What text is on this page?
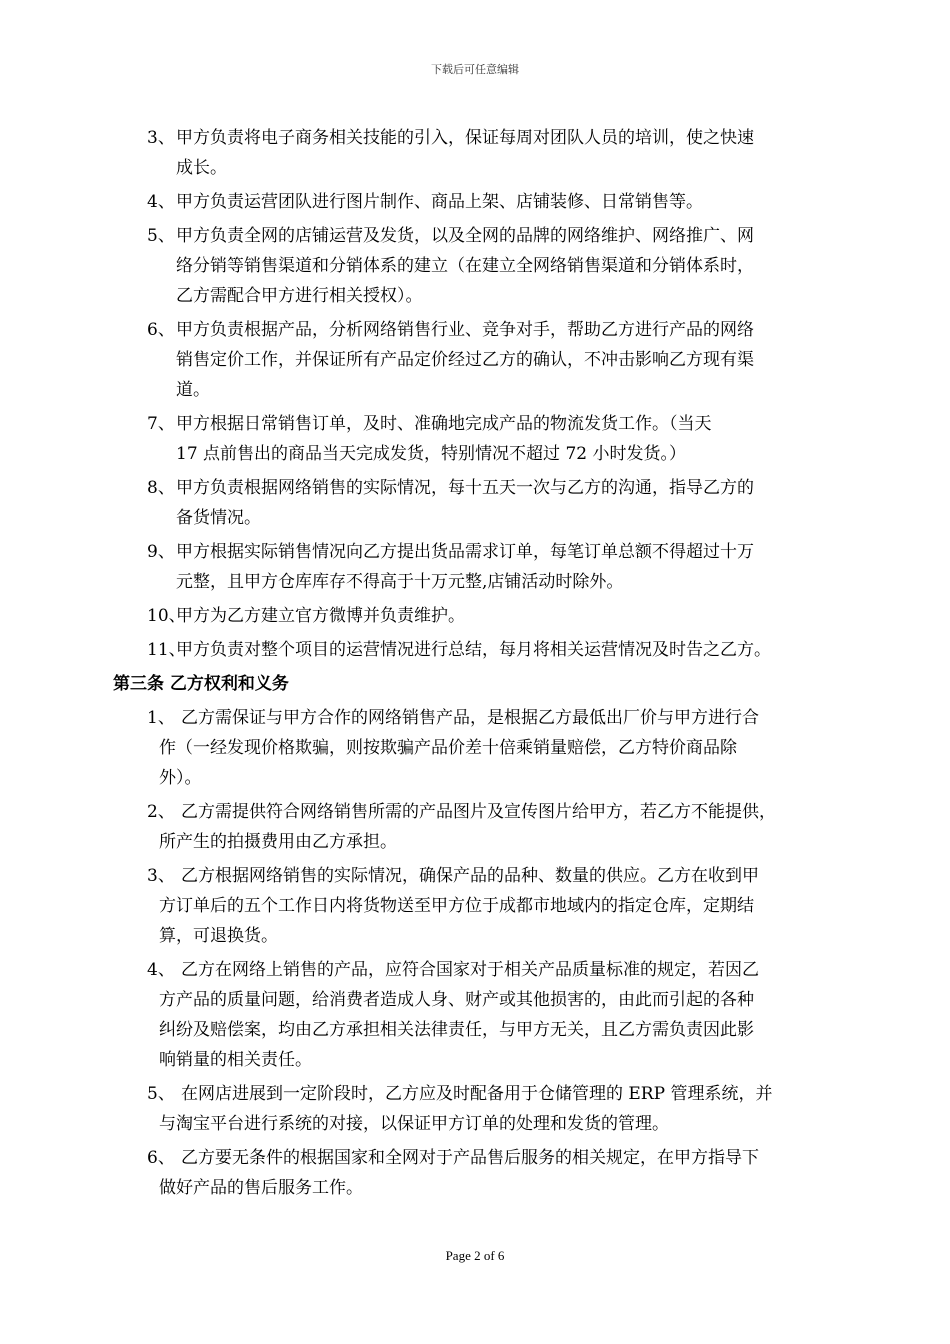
下载后可任意编辑
3、 甲方负责将电子商务相关技能的引入，保证每周对团队人员的培训，使之快速
成长。
4、 甲方负责运营团队进行图片制作、商品上架、店铺装修、日常销售等。
5、 甲方负责全网的店铺运营及发货，以及全网的品牌的网络维护、网络推广、网
络分销等销售渠道和分销体系的建立（在建立全网络销售渠道和分销体系时，
乙方需配合甲方进行相关授权）。
6、 甲方负责根据产品，分析网络销售行业、竞争对手，帮助乙方进行产品的网络
销售定价工作，并保证所有产品定价经过乙方的确认，不冲击影响乙方现有渠
道。
7、 甲方根据日常销售订单，及时、准确地完成产品的物流发货工作。（当天
17 点前售出的商品当天完成发货，特别情况不超过 72 小时发货。）
8、 甲方负责根据网络销售的实际情况，每十五天一次与乙方的沟通，指导乙方的
备货情况。
9、 甲方根据实际销售情况向乙方提出货品需求订单，每笔订单总额不得超过十万
元整，且甲方仓库库存不得高于十万元整,店铺活动时除外。
10、
甲方为乙方建立官方微博并负责维护。
11、
甲方负责对整个项目的运营情况进行总结，每月将相关运营情况及时告之乙方。
第三条 乙方权利和义务
1、 乙方需保证与甲方合作的网络销售产品，是根据乙方最低出厂价与甲方进行合
作（一经发现价格欺骗，则按欺骗产品价差十倍乘销量赔偿，乙方特价商品除
外）。
2、 乙方需提供符合网络销售所需的产品图片及宣传图片给甲方，若乙方不能提供，
所产生的拍摄费用由乙方承担。
3、 乙方根据网络销售的实际情况，确保产品的品种、数量的供应。乙方在收到甲
方订单后的五个工作日内将货物送至甲方位于成都市地域内的指定仓库，定期结
算，可退换货。
4、 乙方在网络上销售的产品，应符合国家对于相关产品质量标准的规定，若因乙
方产品的质量问题，给消费者造成人身、财产或其他损害的，由此而引起的各种
纠纷及赔偿案，均由乙方承担相关法律责任，与甲方无关，且乙方需负责因此影
响销量的相关责任。
5、 在网店进展到一定阶段时，乙方应及时配备用于仓储管理的 ERP 管理系统，并
与淘宝平台进行系统的对接，以保证甲方订单的处理和发货的管理。
6、 乙方要无条件的根据国家和全网对于产品售后服务的相关规定，在甲方指导下
做好产品的售后服务工作。
Page 2 of 6
